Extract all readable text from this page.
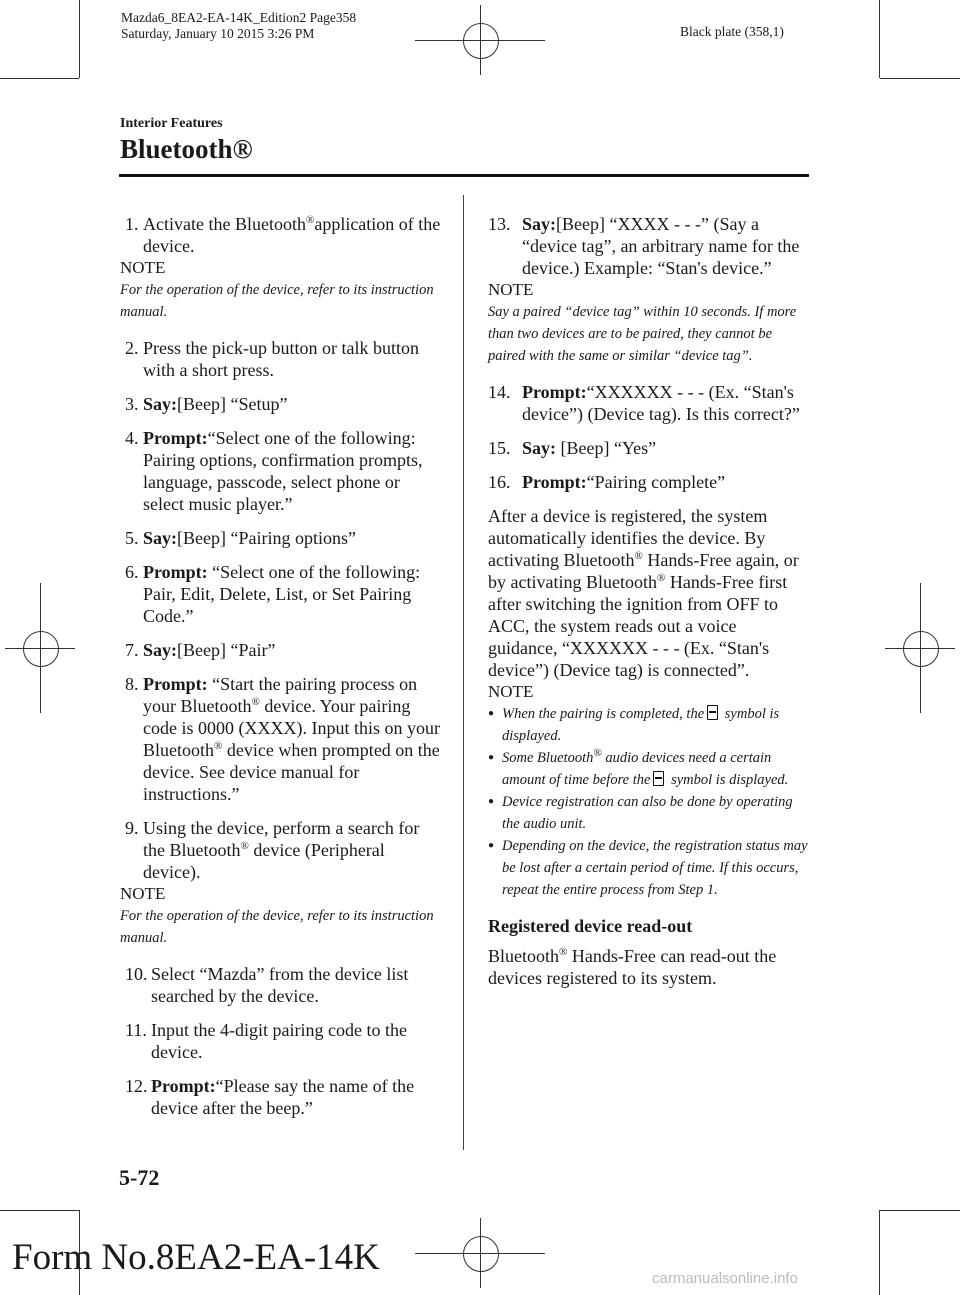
Mazda6_8EA2-EA-14K_Edition2 Page358
Saturday, January 10 2015 3:26 PM	Black plate (358,1)
Interior Features
Bluetooth®
1. Activate the Bluetooth®application of the device.

NOTE

For the operation of the device, refer to its instruction manual.

2. Press the pick-up button or talk button with a short press.
3. Say:[Beep] “Setup”
4. Prompt:“Select one of the following: Pairing options, confirmation prompts, language, passcode, select phone or select music player.”
5. Say:[Beep] “Pairing options”
6. Prompt: “Select one of the following: Pair, Edit, Delete, List, or Set Pairing Code.”
7. Say:[Beep] “Pair”
8. Prompt: “Start the pairing process on your Bluetooth® device. Your pairing code is 0000 (XXXX). Input this on your Bluetooth® device when prompted on the device. See device manual for instructions.”
9. Using the device, perform a search for the Bluetooth® device (Peripheral device).

NOTE

For the operation of the device, refer to its instruction manual.

10. Select “Mazda” from the device list searched by the device.
11. Input the 4-digit pairing code to the device.
12. Prompt:“Please say the name of the device after the beep.”
13. Say:[Beep] “XXXX - - -” (Say a “device tag”, an arbitrary name for the device.) Example: “Stan's device.”

NOTE

Say a paired “device tag” within 10 seconds. If more than two devices are to be paired, they cannot be paired with the same or similar “device tag”.

14. Prompt:“XXXXXX - - - (Ex. “Stan's device”) (Device tag). Is this correct?”
15. Say: [Beep] “Yes”
16. Prompt:“Pairing complete”

After a device is registered, the system automatically identifies the device. By activating Bluetooth® Hands-Free again, or by activating Bluetooth® Hands-Free first after switching the ignition from OFF to ACC, the system reads out a voice guidance, “XXXXXX - - - (Ex. “Stan's device”) (Device tag) is connected”.

NOTE

● When the pairing is completed, the symbol is displayed.
● Some Bluetooth® audio devices need a certain amount of time before the symbol is displayed.
● Device registration can also be done by operating the audio unit.
● Depending on the device, the registration status may be lost after a certain period of time. If this occurs, repeat the entire process from Step 1.

Registered device read-out

Bluetooth® Hands-Free can read-out the devices registered to its system.

5-72
Form No.8EA2-EA-14K
carmanualsonline.info
